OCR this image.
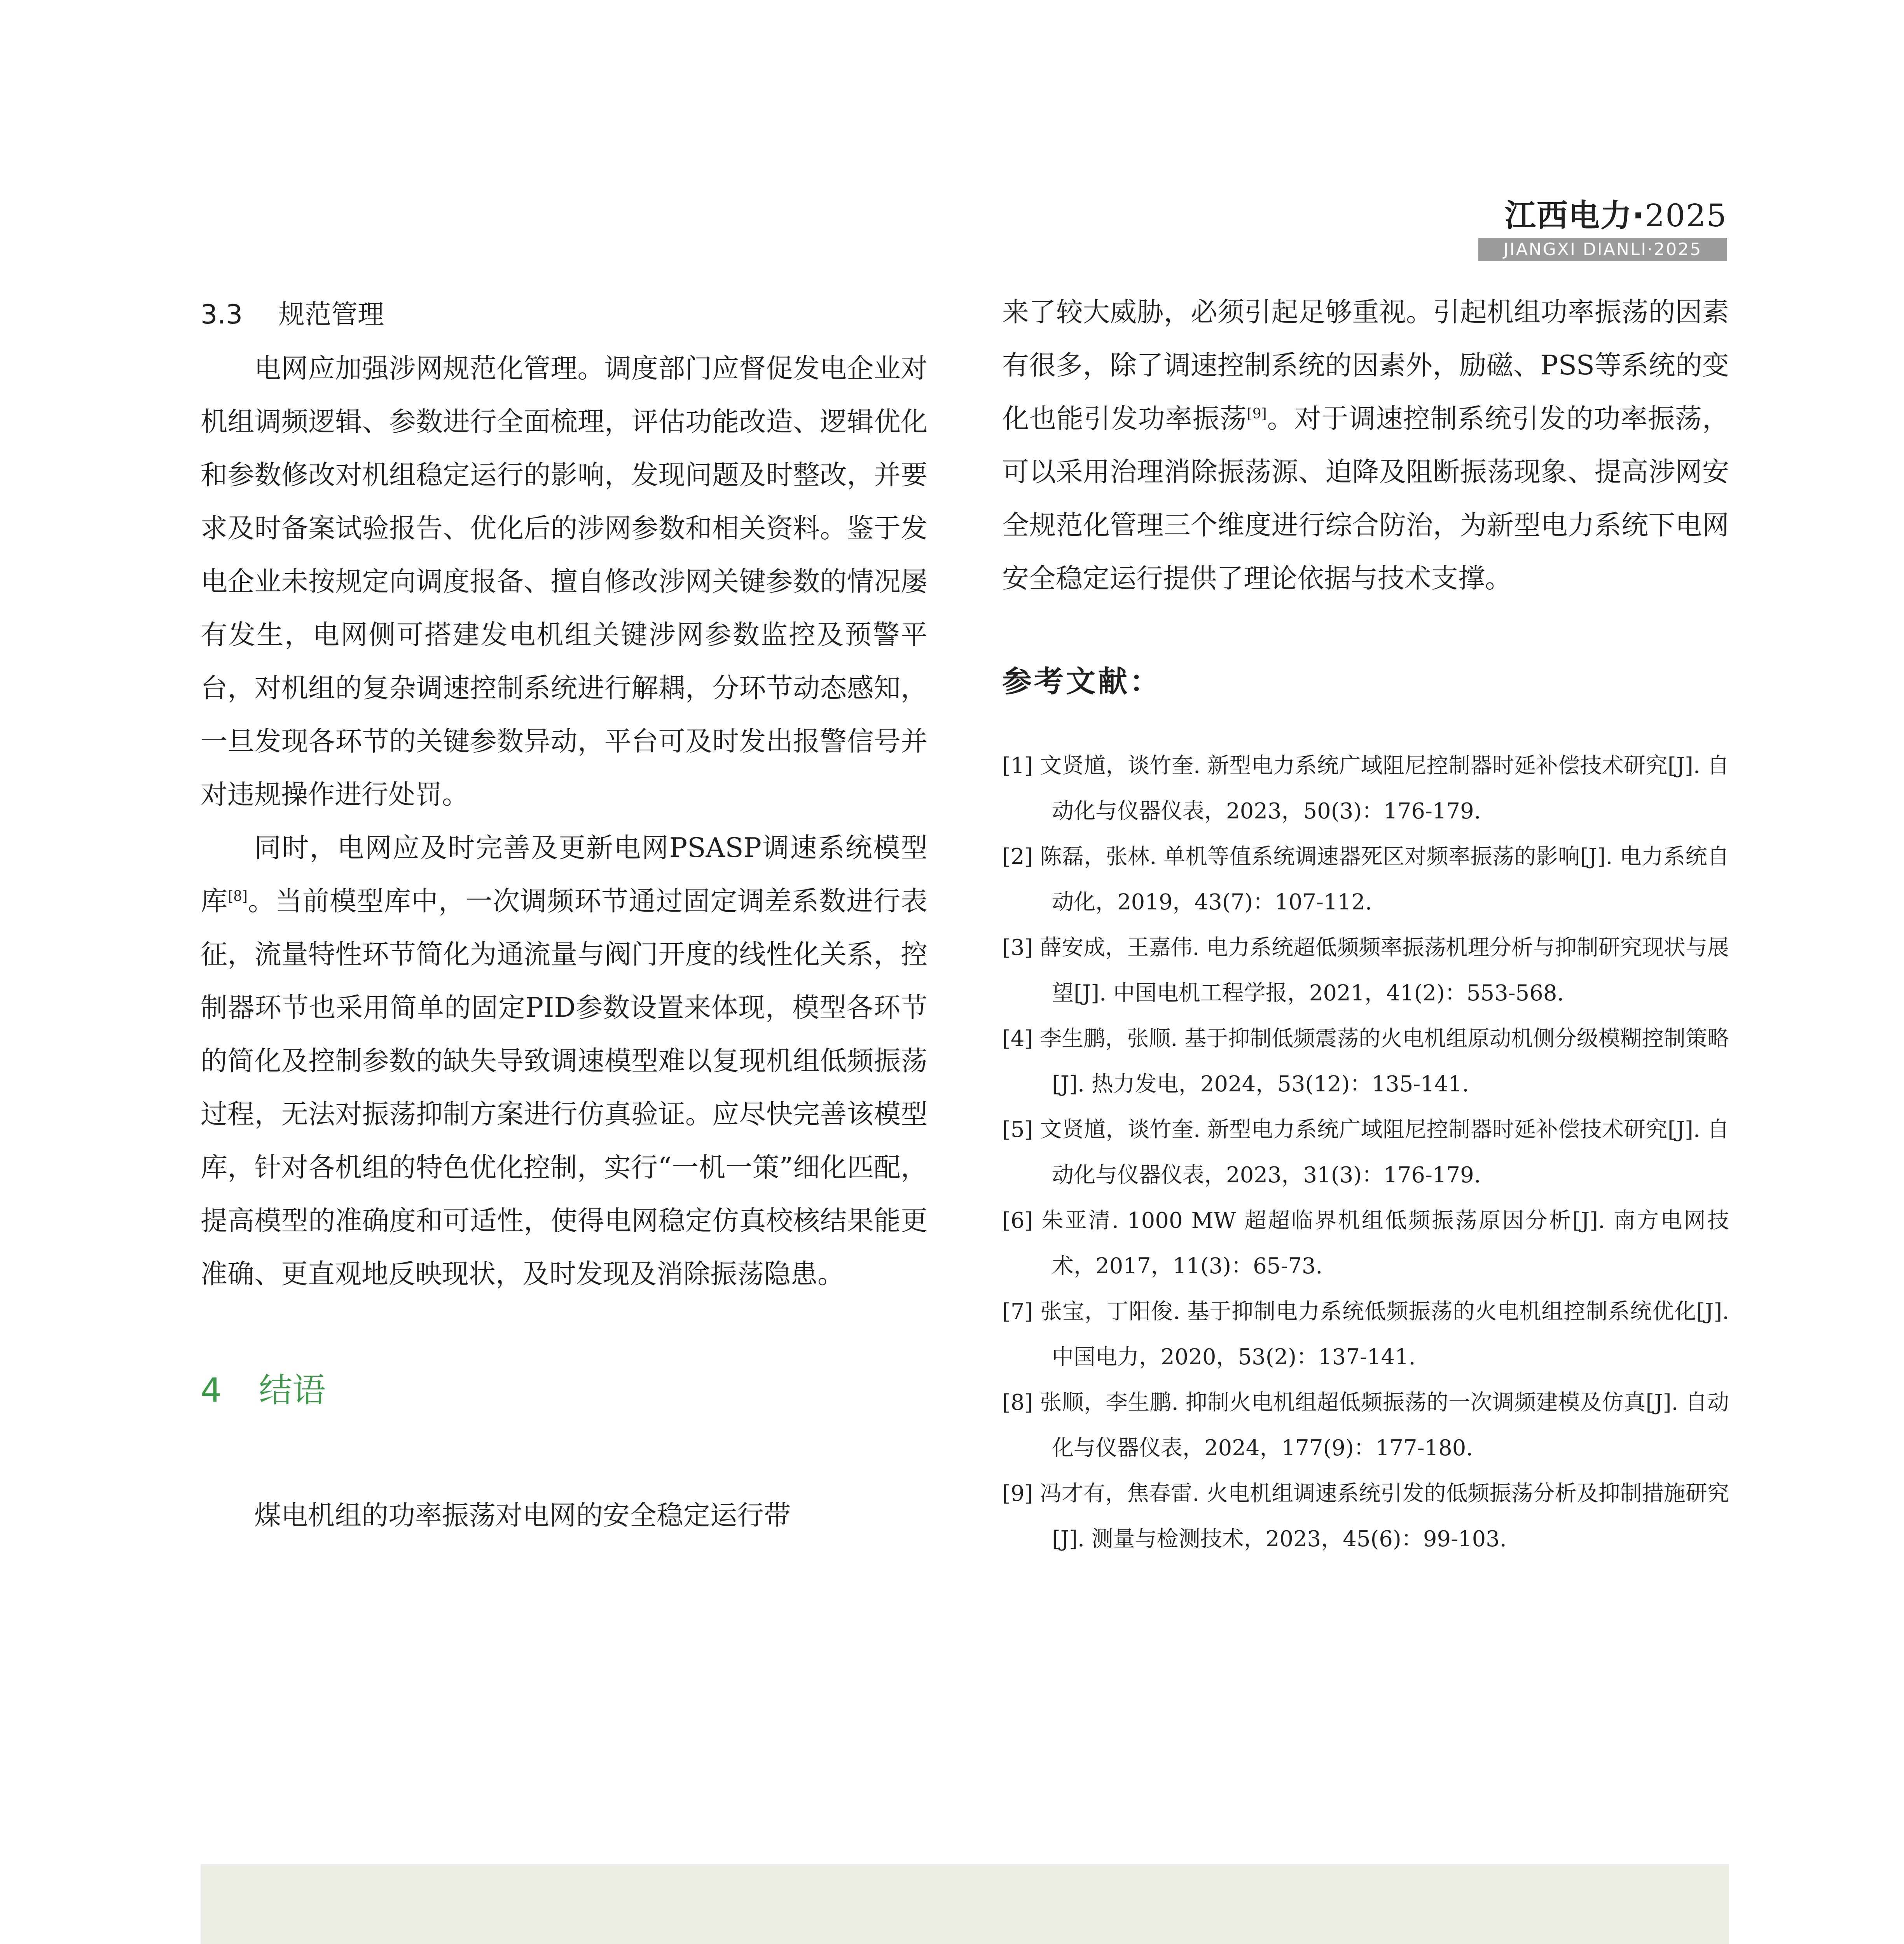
江西电力·2025
JIANGXI DIANLI·2025
3.3 规范管理

电网应加强涉网规范化管理。调度部门应督促发电企业对机组调频逻辑、参数进行全面梳理，评估功能改造、逻辑优化和参数修改对机组稳定运行的影响，发现问题及时整改，并要求及时备案试验报告、优化后的涉网参数和相关资料。鉴于发电企业未按规定向调度报备、擅自修改涉网关键参数的情况屡有发生，电网侧可搭建发电机组关键涉网参数监控及预警平台，对机组的复杂调速控制系统进行解耦，分环节动态感知，一旦发现各环节的关键参数异动，平台可及时发出报警信号并对违规操作进行处罚。

同时，电网应及时完善及更新电网PSASP调速系统模型库[8]。当前模型库中，一次调频环节通过固定调差系数进行表征，流量特性环节简化为通流量与阀门开度的线性化关系，控制器环节也采用简单的固定PID参数设置来体现，模型各环节的简化及控制参数的缺失导致调速模型难以复现机组低频振荡过程，无法对振荡抑制方案进行仿真验证。应尽快完善该模型库，针对各机组的特色优化控制，实行“一机一策”细化匹配，提高模型的准确度和可适性，使得电网稳定仿真校核结果能更准确、更直观地反映现状，及时发现及消除振荡隐患。

4 结语

煤电机组的功率振荡对电网的安全稳定运行带

来了较大威胁，必须引起足够重视。引起机组功率振荡的因素有很多，除了调速控制系统的因素外，励磁、PSS等系统的变化也能引发功率振荡[9]。对于调速控制系统引发的功率振荡，可以采用治理消除振荡源、迫降及阻断振荡现象、提高涉网安全规范化管理三个维度进行综合防治，为新型电力系统下电网安全稳定运行提供了理论依据与技术支撑。

参考文献：

[1] 文贤馗，谈竹奎. 新型电力系统广域阻尼控制器时延补偿技术研究[J]. 自动化与仪器仪表，2023，50(3)：176-179.

[2] 陈磊，张林. 单机等值系统调速器死区对频率振荡的影响[J]. 电力系统自动化，2019，43(7)：107-112.

[3] 薛安成，王嘉伟. 电力系统超低频频率振荡机理分析与抑制研究现状与展望[J]. 中国电机工程学报，2021，41(2)：553-568.

[4] 李生鹏，张顺. 基于抑制低频震荡的火电机组原动机侧分级模糊控制策略[J]. 热力发电，2024，53(12)：135-141.

[5] 文贤馗，谈竹奎. 新型电力系统广域阻尼控制器时延补偿技术研究[J]. 自动化与仪器仪表，2023，31(3)：176-179.

[6] 朱亚清. 1000 MW 超超临界机组低频振荡原因分析[J]. 南方电网技术，2017，11(3)：65-73.

[7] 张宝，丁阳俊. 基于抑制电力系统低频振荡的火电机组控制系统优化[J]. 中国电力，2020，53(2)：137-141.

[8] 张顺，李生鹏. 抑制火电机组超低频振荡的一次调频建模及仿真[J]. 自动化与仪器仪表，2024，177(9)：177-180.

[9] 冯才有，焦春雷. 火电机组调速系统引发的低频振荡分析及抑制措施研究[J]. 测量与检测技术，2023，45(6)：99-103.
